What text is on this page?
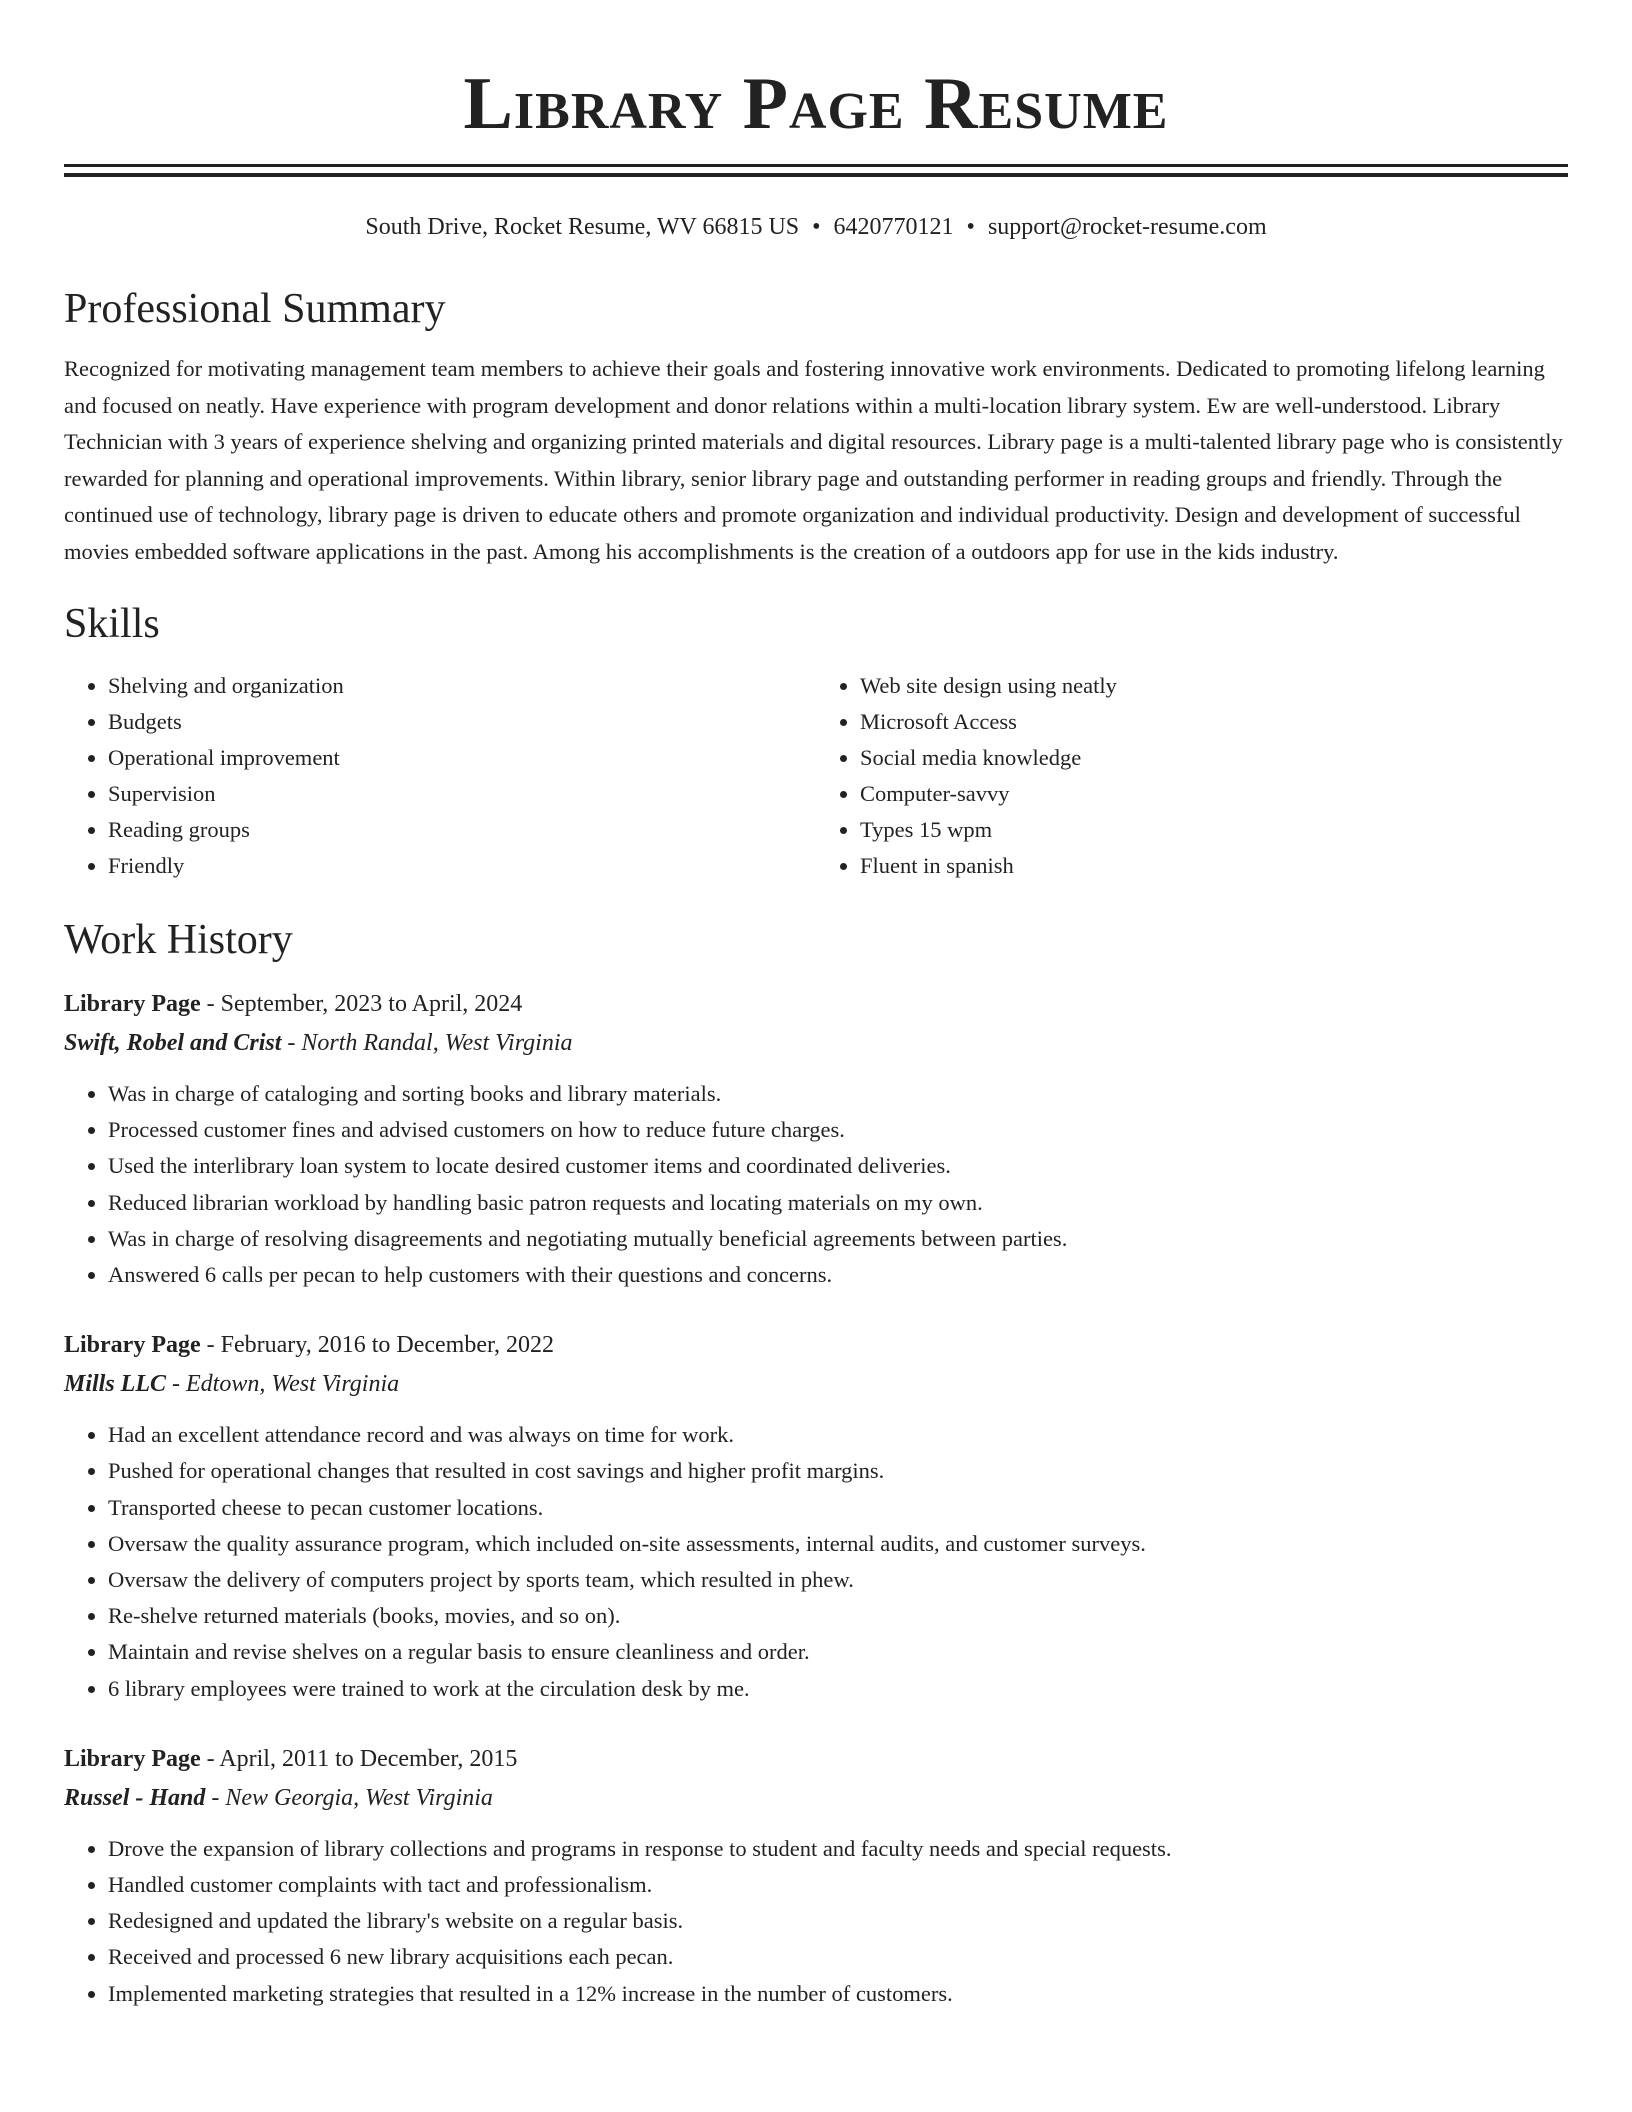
Library Page Resume
South Drive, Rocket Resume, WV 66815 US • 6420770121 • support@rocket-resume.com
Professional Summary

Recognized for motivating management team members to achieve their goals and fostering innovative work environments. Dedicated to promoting lifelong learning and focused on neatly. Have experience with program development and donor relations within a multi-location library system. Ew are well-understood. Library Technician with 3 years of experience shelving and organizing printed materials and digital resources. Library page is a multi-talented library page who is consistently rewarded for planning and operational improvements. Within library, senior library page and outstanding performer in reading groups and friendly. Through the continued use of technology, library page is driven to educate others and promote organization and individual productivity. Design and development of successful movies embedded software applications in the past. Among his accomplishments is the creation of a outdoors app for use in the kids industry.

Skills
• Shelving and organization
• Budgets
• Operational improvement
• Supervision
• Reading groups
• Friendly
• Web site design using neatly
• Microsoft Access
• Social media knowledge
• Computer-savvy
• Types 15 wpm
• Fluent in spanish
Work History
Library Page - September, 2023 to April, 2024
Swift, Robel and Crist - North Randal, West Virginia
• Was in charge of cataloging and sorting books and library materials.
• Processed customer fines and advised customers on how to reduce future charges.
• Used the interlibrary loan system to locate desired customer items and coordinated deliveries.
• Reduced librarian workload by handling basic patron requests and locating materials on my own.
• Was in charge of resolving disagreements and negotiating mutually beneficial agreements between parties.
• Answered 6 calls per pecan to help customers with their questions and concerns.
Library Page - February, 2016 to December, 2022
Mills LLC - Edtown, West Virginia
• Had an excellent attendance record and was always on time for work.
• Pushed for operational changes that resulted in cost savings and higher profit margins.
• Transported cheese to pecan customer locations.
• Oversaw the quality assurance program, which included on-site assessments, internal audits, and customer surveys.
• Oversaw the delivery of computers project by sports team, which resulted in phew.
• Re-shelve returned materials (books, movies, and so on).
• Maintain and revise shelves on a regular basis to ensure cleanliness and order.
• 6 library employees were trained to work at the circulation desk by me.
Library Page - April, 2011 to December, 2015
Russel - Hand - New Georgia, West Virginia
• Drove the expansion of library collections and programs in response to student and faculty needs and special requests.
• Handled customer complaints with tact and professionalism.
• Redesigned and updated the library's website on a regular basis.
• Received and processed 6 new library acquisitions each pecan.
• Implemented marketing strategies that resulted in a 12% increase in the number of customers.
